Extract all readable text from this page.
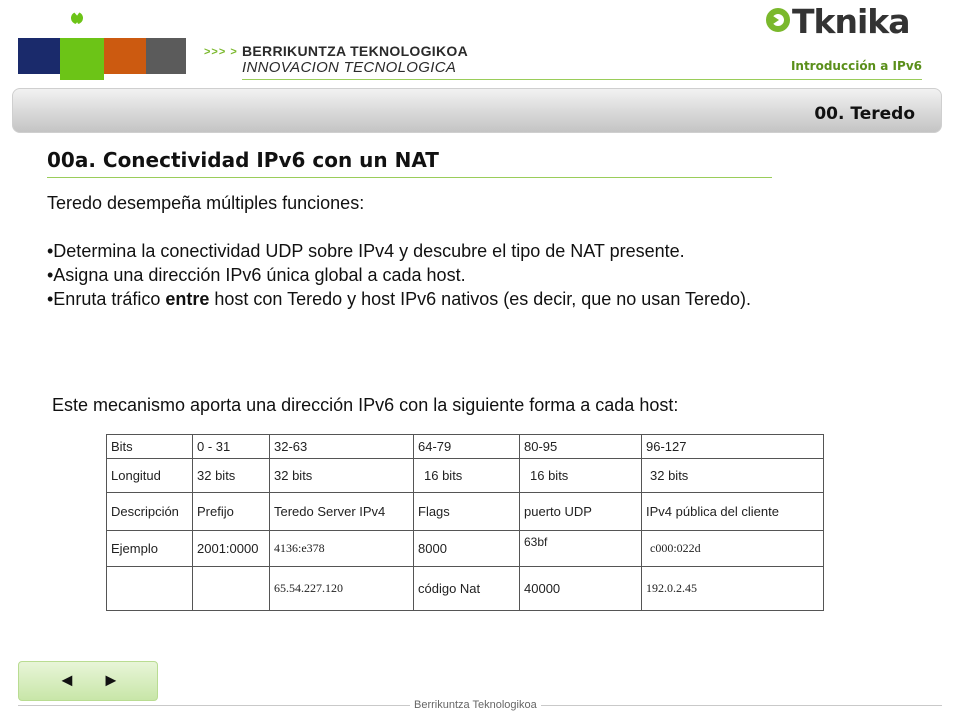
>>> > BERRIKUNTZA TEKNOLOGIKOA
INNOVACION TECNOLOGICA
Tknika
Introducción a IPv6
00. Teredo
00a. Conectividad IPv6 con un NAT

Teredo desempeña múltiples funciones:

•Determina la conectividad UDP sobre IPv4 y descubre el tipo de NAT presente.

•Asigna una dirección IPv6 única global a cada host.

•Enruta tráfico entre host con Teredo y host IPv6 nativos (es decir, que no usan Teredo).

Este mecanismo aporta una dirección IPv6 con la siguiente forma a cada host:
Bits	0 - 31	32-63	64-79	80-95	96-127
Longitud	32 bits	32 bits	16 bits	16 bits	32 bits
Descripción	Prefijo	Teredo Server IPv4	Flags	puerto UDP	IPv4 pública del cliente
Ejemplo	2001:0000	4136:e378	8000	63bf	c000:022d
		65.54.227.120	código Nat	40000	192.0.2.45
◄ ►
Berrikuntza Teknologikoa
